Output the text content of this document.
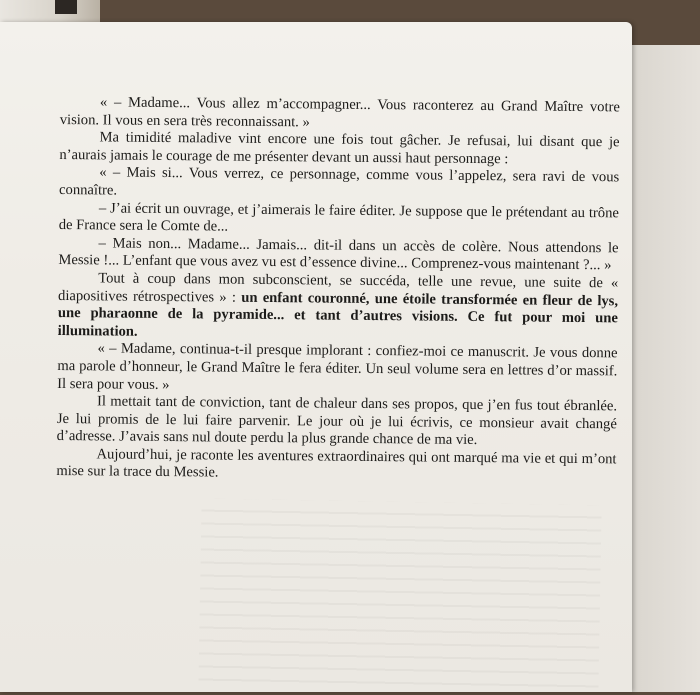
« – Madame... Vous allez m’accompagner... Vous raconterez au Grand Maître votre vision. Il vous en sera très reconnaissant. »

Ma timidité maladive vint encore une fois tout gâcher. Je refusai, lui disant que je n’aurais jamais le courage de me présenter devant un aussi haut personnage :

« – Mais si... Vous verrez, ce personnage, comme vous l’appelez, sera ravi de vous connaître.

– J’ai écrit un ouvrage, et j’aimerais le faire éditer. Je suppose que le prétendant au trône de France sera le Comte de...

– Mais non... Madame... Jamais... dit-il dans un accès de colère. Nous attendons le Messie !... L’enfant que vous avez vu est d’essence divine... Comprenez-vous maintenant ?... »

Tout à coup dans mon subconscient, se succéda, telle une revue, une suite de « diapositives rétrospectives » : un enfant couronné, une étoile transformée en fleur de lys, une pharaonne de la pyramide... et tant d’autres visions. Ce fut pour moi une illumination.

« – Madame, continua-t-il presque implorant : confiez-moi ce manuscrit. Je vous donne ma parole d’honneur, le Grand Maître le fera éditer. Un seul volume sera en lettres d’or massif. Il sera pour vous. »

Il mettait tant de conviction, tant de chaleur dans ses propos, que j’en fus tout ébranlée. Je lui promis de le lui faire parvenir. Le jour où je lui écrivis, ce monsieur avait changé d’adresse. J’avais sans nul doute perdu la plus grande chance de ma vie.

Aujourd’hui, je raconte les aventures extraordinaires qui ont marqué ma vie et qui m’ont mise sur la trace du Messie.
